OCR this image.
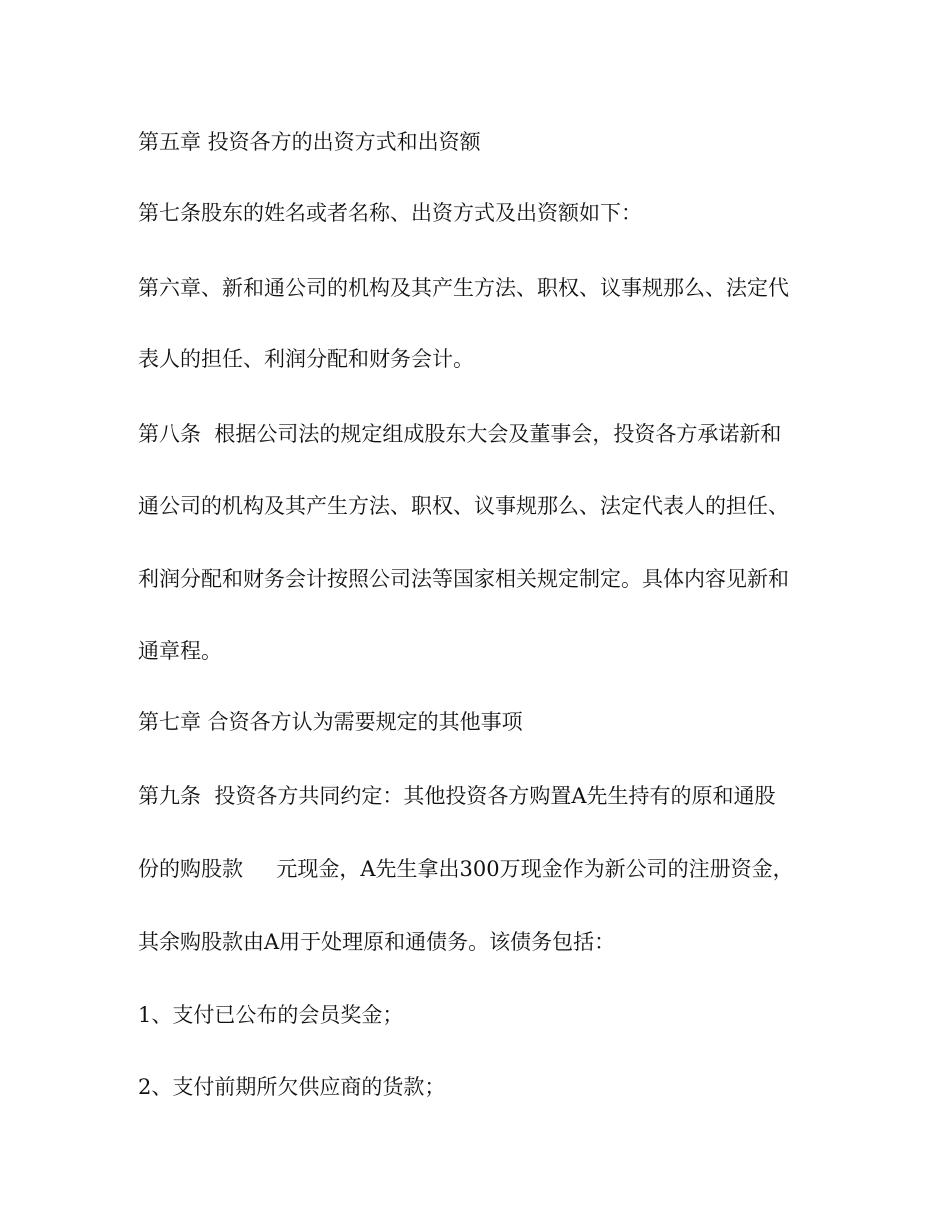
第五章 投资各方的出资方式和出资额

第七条股东的姓名或者名称、出资方式及出资额如下：

第六章、新和通公司的机构及其产生方法、职权、议事规那么、法定代

表人的担任、利润分配和财务会计。

第八条  根据公司法的规定组成股东大会及董事会，投资各方承诺新和

通公司的机构及其产生方法、职权、议事规那么、法定代表人的担任、

利润分配和财务会计按照公司法等国家相关规定制定。具体内容见新和

通章程。

第七章 合资各方认为需要规定的其他事项

第九条  投资各方共同约定：其他投资各方购置A先生持有的原和通股

份的购股款     元现金，A先生拿出300万现金作为新公司的注册资金，

其余购股款由A用于处理原和通债务。该债务包括：

1、支付已公布的会员奖金；

2、支付前期所欠供应商的货款；
